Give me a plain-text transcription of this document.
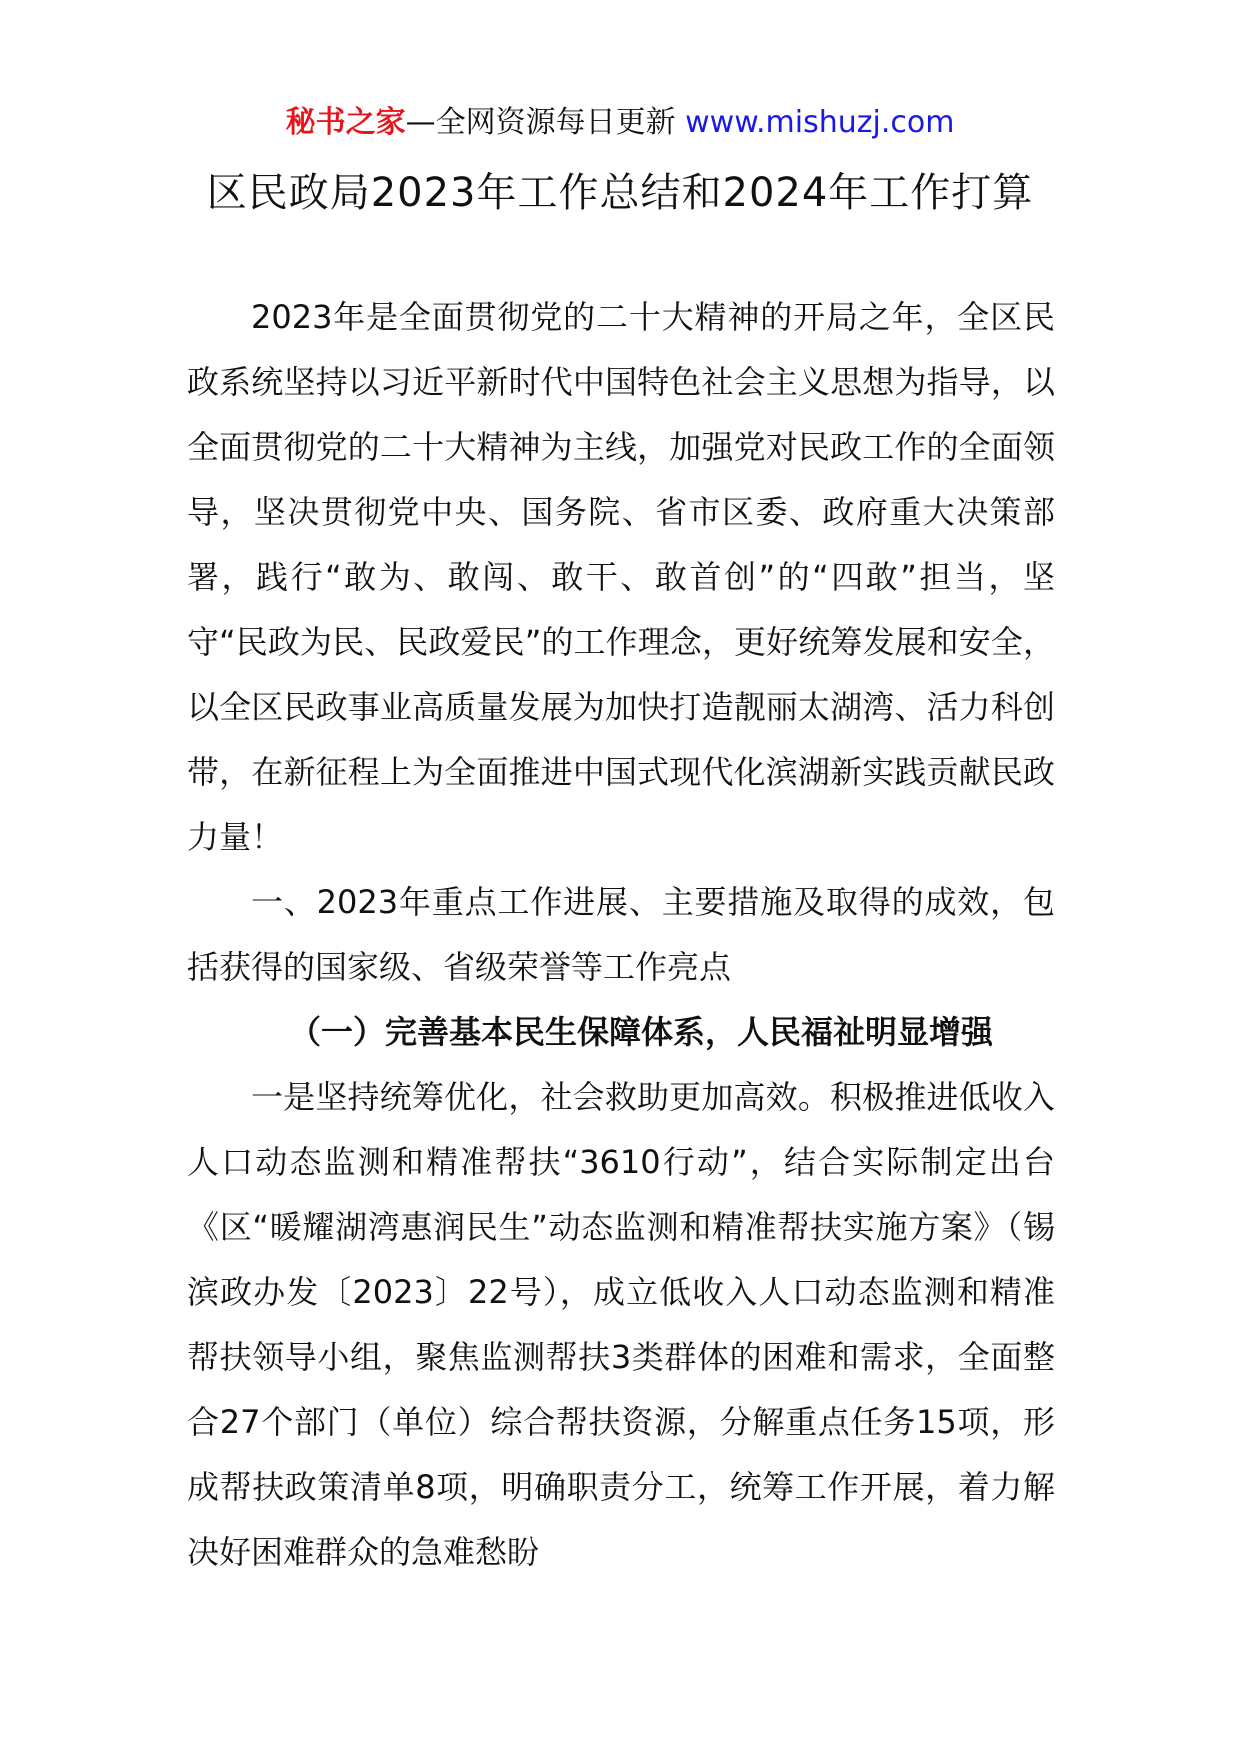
秘书之家—全网资源每日更新 www.mishuzj.com
区民政局2023年工作总结和2024年工作打算

2023年是全面贯彻党的二十大精神的开局之年，全区民政系统坚持以习近平新时代中国特色社会主义思想为指导，以全面贯彻党的二十大精神为主线，加强党对民政工作的全面领导，坚决贯彻党中央、国务院、省市区委、政府重大决策部署，践行“敢为、敢闯、敢干、敢首创”的“四敢”担当，坚守“民政为民、民政爱民”的工作理念，更好统筹发展和安全，以全区民政事业高质量发展为加快打造靓丽太湖湾、活力科创带，在新征程上为全面推进中国式现代化滨湖新实践贡献民政力量！

一、2023年重点工作进展、主要措施及取得的成效，包括获得的国家级、省级荣誉等工作亮点

（一）完善基本民生保障体系，人民福祉明显增强

一是坚持统筹优化，社会救助更加高效。积极推进低收入人口动态监测和精准帮扶“3610行动”，结合实际制定出台《区“暖耀湖湾惠润民生”动态监测和精准帮扶实施方案》（锡滨政办发〔2023〕22号），成立低收入人口动态监测和精准帮扶领导小组，聚焦监测帮扶3类群体的困难和需求，全面整合27个部门（单位）综合帮扶资源，分解重点任务15项，形成帮扶政策清单8项，明确职责分工，统筹工作开展，着力解决好困难群众的急难愁盼
